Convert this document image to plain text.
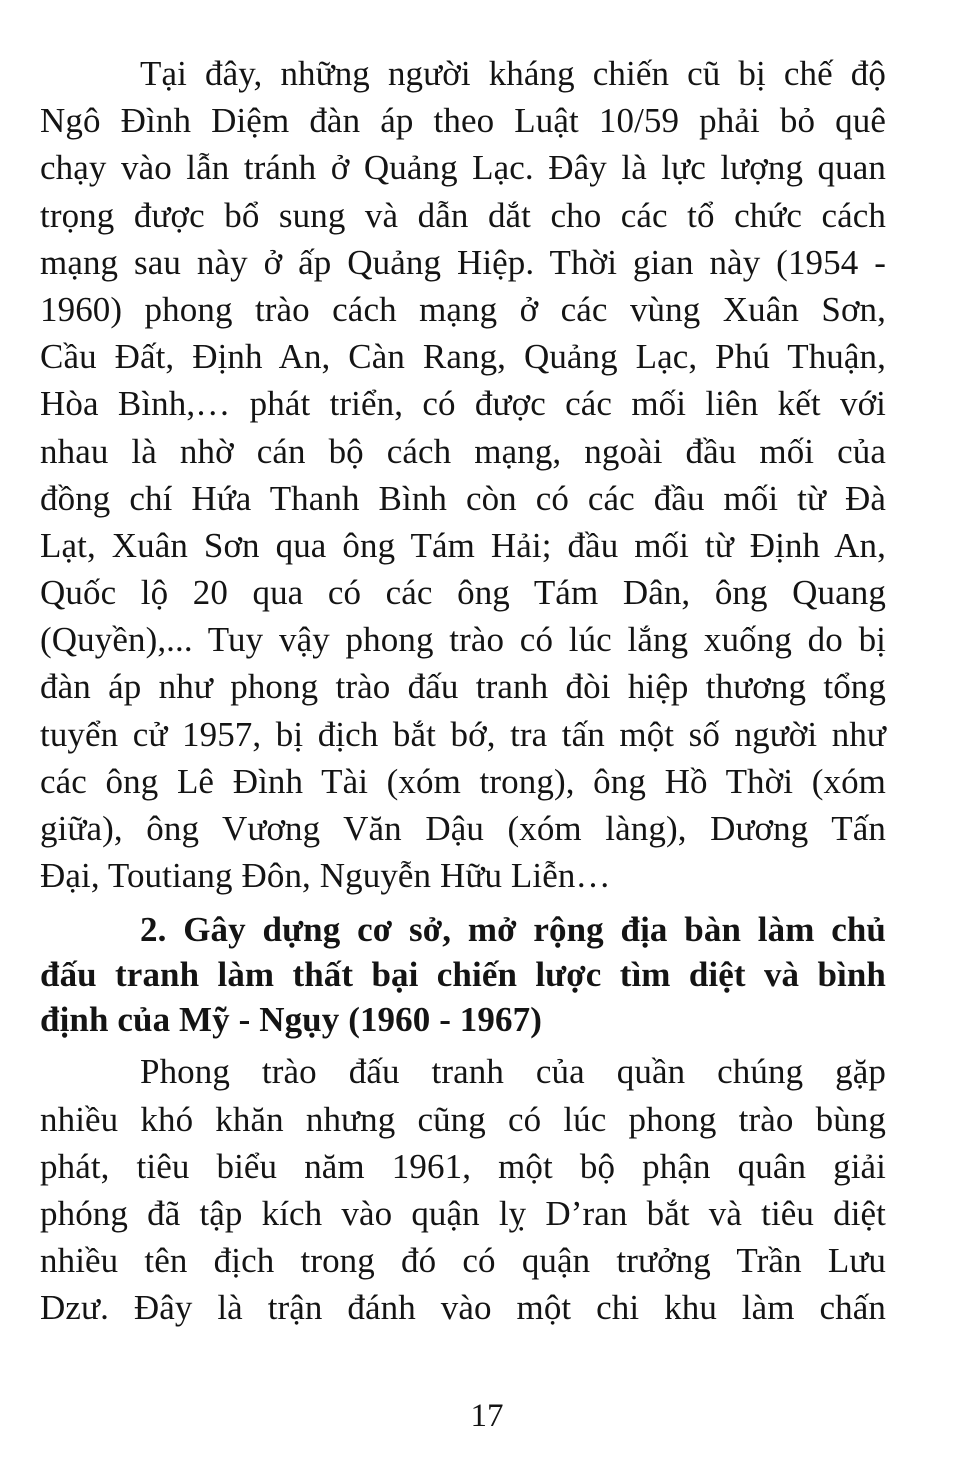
Tại đây, những người kháng chiến cũ bị chế độ
Ngô Đình Diệm đàn áp theo Luật 10/59 phải bỏ quê
chạy vào lẫn tránh ở Quảng Lạc. Đây là lực lượng quan
trọng được bổ sung và dẫn dắt cho các tổ chức cách
mạng sau này ở ấp Quảng Hiệp. Thời gian này (1954 -
1960) phong trào cách mạng ở các vùng Xuân Sơn,
Cầu Đất, Định An, Càn Rang, Quảng Lạc, Phú Thuận,
Hòa Bình,… phát triển, có được các mối liên kết với
nhau là nhờ cán bộ cách mạng, ngoài đầu mối của
đồng chí Hứa Thanh Bình còn có các đầu mối từ Đà
Lạt, Xuân Sơn qua ông Tám Hải; đầu mối từ Định An,
Quốc lộ 20 qua có các ông Tám Dân, ông Quang
(Quyền),... Tuy vậy phong trào có lúc lắng xuống do bị
đàn áp như phong trào đấu tranh đòi hiệp thương tổng
tuyển cử 1957, bị địch bắt bớ, tra tấn một số người như
các ông Lê Đình Tài (xóm trong), ông Hồ Thời (xóm
giữa), ông Vương Văn Dậu (xóm làng), Dương Tấn
Đại, Toutiang Đôn, Nguyễn Hữu Liễn…
2. Gây dựng cơ sở, mở rộng địa bàn làm chủ
đấu tranh làm thất bại chiến lược tìm diệt và bình
định của Mỹ - Ngụy (1960 - 1967)
Phong trào đấu tranh của quần chúng gặp
nhiều khó khăn nhưng cũng có lúc phong trào bùng
phát, tiêu biểu năm 1961, một bộ phận quân giải
phóng đã tập kích vào quận lỵ D’ran bắt và tiêu diệt
nhiều tên địch trong đó có quận trưởng Trần Lưu
Dzư. Đây là trận đánh vào một chi khu làm chấn
17
